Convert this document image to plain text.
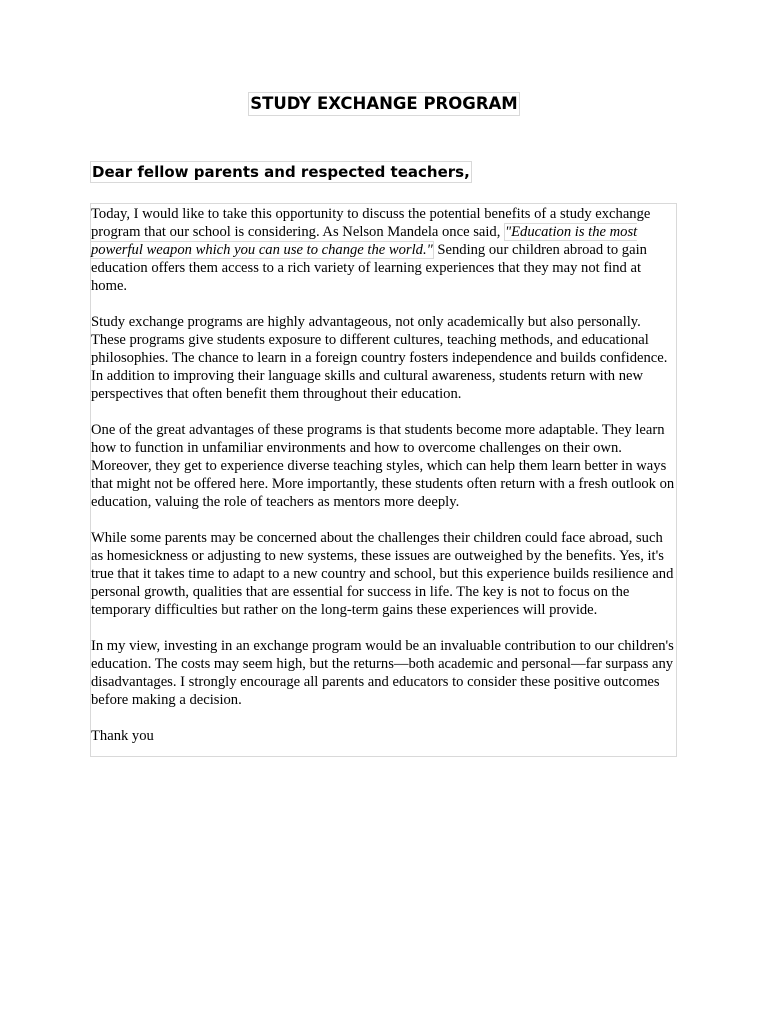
STUDY EXCHANGE PROGRAM
Dear fellow parents and respected teachers,

Today, I would like to take this opportunity to discuss the potential benefits of a study exchange program that our school is considering. As Nelson Mandela once said, "Education is the most powerful weapon which you can use to change the world." Sending our children abroad to gain education offers them access to a rich variety of learning experiences that they may not find at home.

Study exchange programs are highly advantageous, not only academically but also personally. These programs give students exposure to different cultures, teaching methods, and educational philosophies. The chance to learn in a foreign country fosters independence and builds confidence. In addition to improving their language skills and cultural awareness, students return with new perspectives that often benefit them throughout their education.

One of the great advantages of these programs is that students become more adaptable. They learn how to function in unfamiliar environments and how to overcome challenges on their own. Moreover, they get to experience diverse teaching styles, which can help them learn better in ways that might not be offered here. More importantly, these students often return with a fresh outlook on education, valuing the role of teachers as mentors more deeply.

While some parents may be concerned about the challenges their children could face abroad, such as homesickness or adjusting to new systems, these issues are outweighed by the benefits. Yes, it's true that it takes time to adapt to a new country and school, but this experience builds resilience and personal growth, qualities that are essential for success in life. The key is not to focus on the temporary difficulties but rather on the long-term gains these experiences will provide.

In my view, investing in an exchange program would be an invaluable contribution to our children's education. The costs may seem high, but the returns—both academic and personal—far surpass any disadvantages. I strongly encourage all parents and educators to consider these positive outcomes before making a decision.

Thank you
